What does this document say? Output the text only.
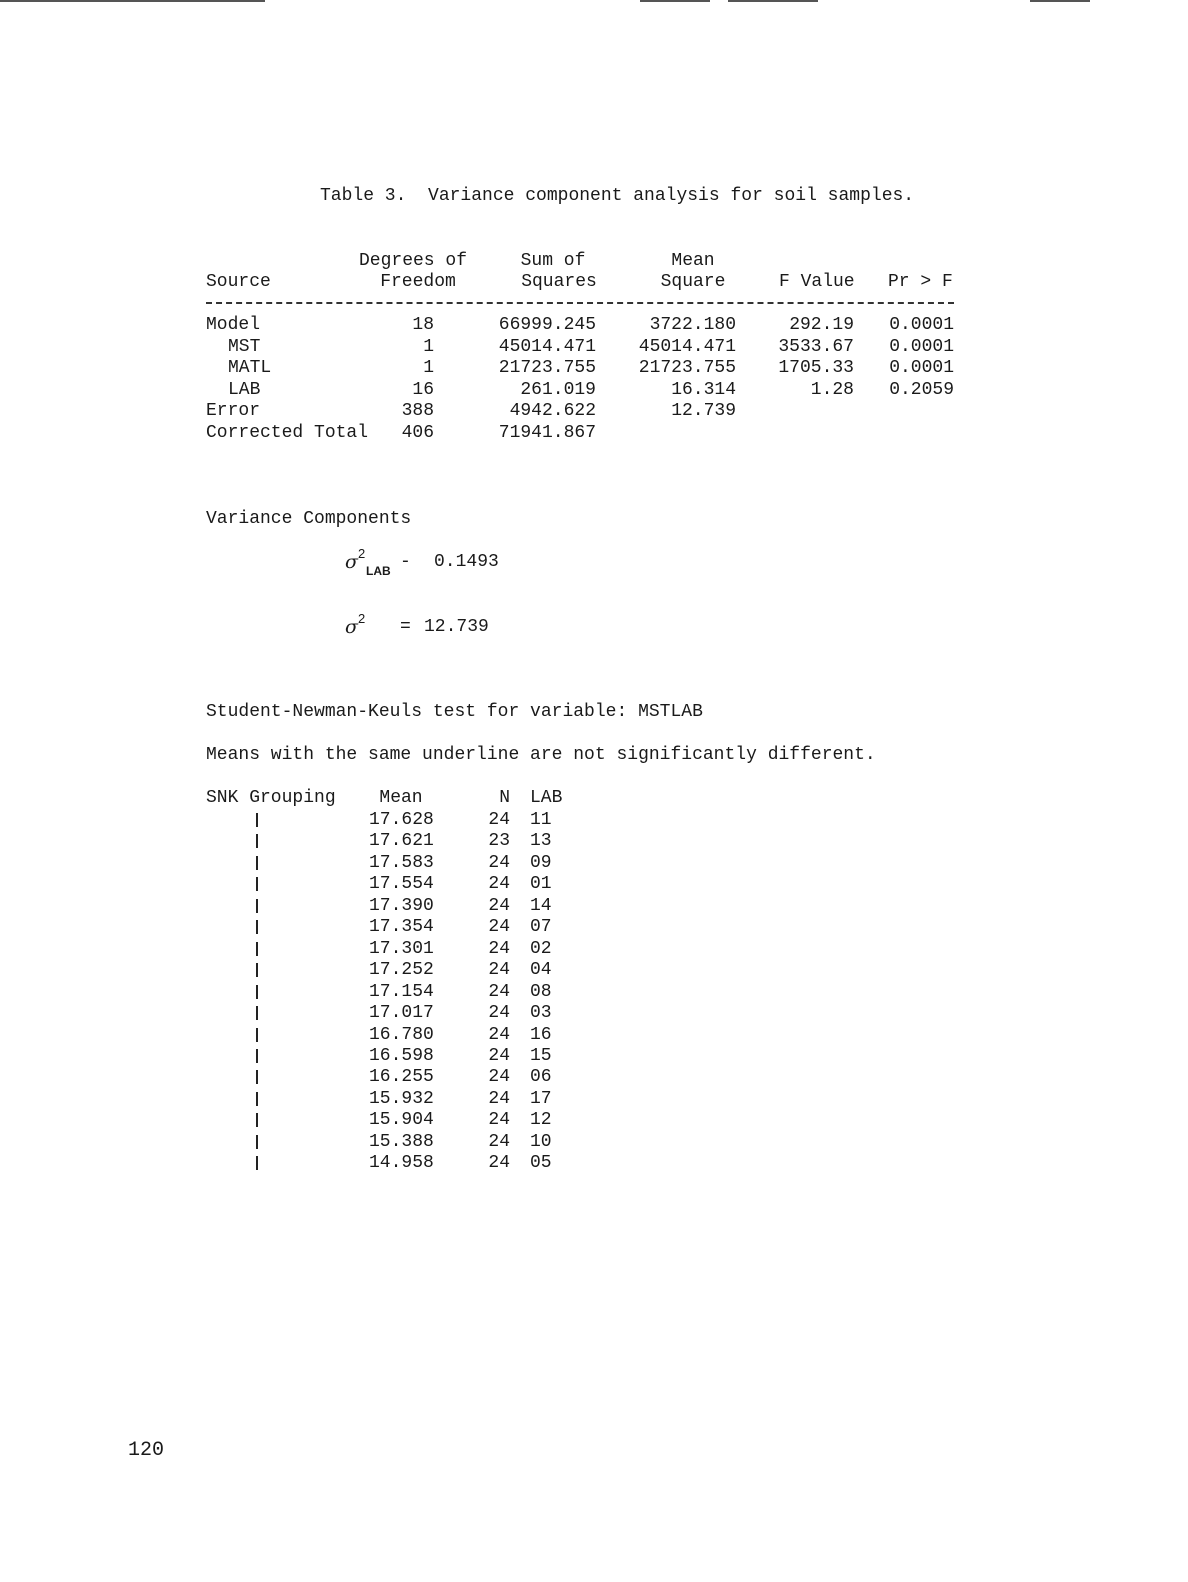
Table 3.  Variance component analysis for soil samples.
Degrees of	Sum of	Mean
Source	Freedom	Squares	Square	F Value Pr > F
Model	18	66999.245	3722.180	292.19	0.0001
MST	1	45014.471	45014.471	3533.67	0.0001
MATL	1	21723.755	21723.755	1705.33	0.0001
LAB	16	261.019	16.314	1.28	0.2059
Error	388	4942.622	12.739
Corrected Total	406	71941.867
Variance Components
σ 2
LAB - 0.1493
σ 2 = 12.739
Student-Newman-Keuls test for variable: MSTLAB
Means with the same underline are not significantly different.
SNK Grouping	Mean	N LAB
17.628	24 11
17.621	23 13
17.583	24 09
17.554	24 01
17.390	24 14
17.354	24 07
17.301	24 02
17.252	24 04
17.154	24 08
17.017	24 03
16.780	24 16
16.598	24 15
16.255	24 06
15.932	24 17
15.904	24 12
15.388	24 10
14.958	24 05
120
